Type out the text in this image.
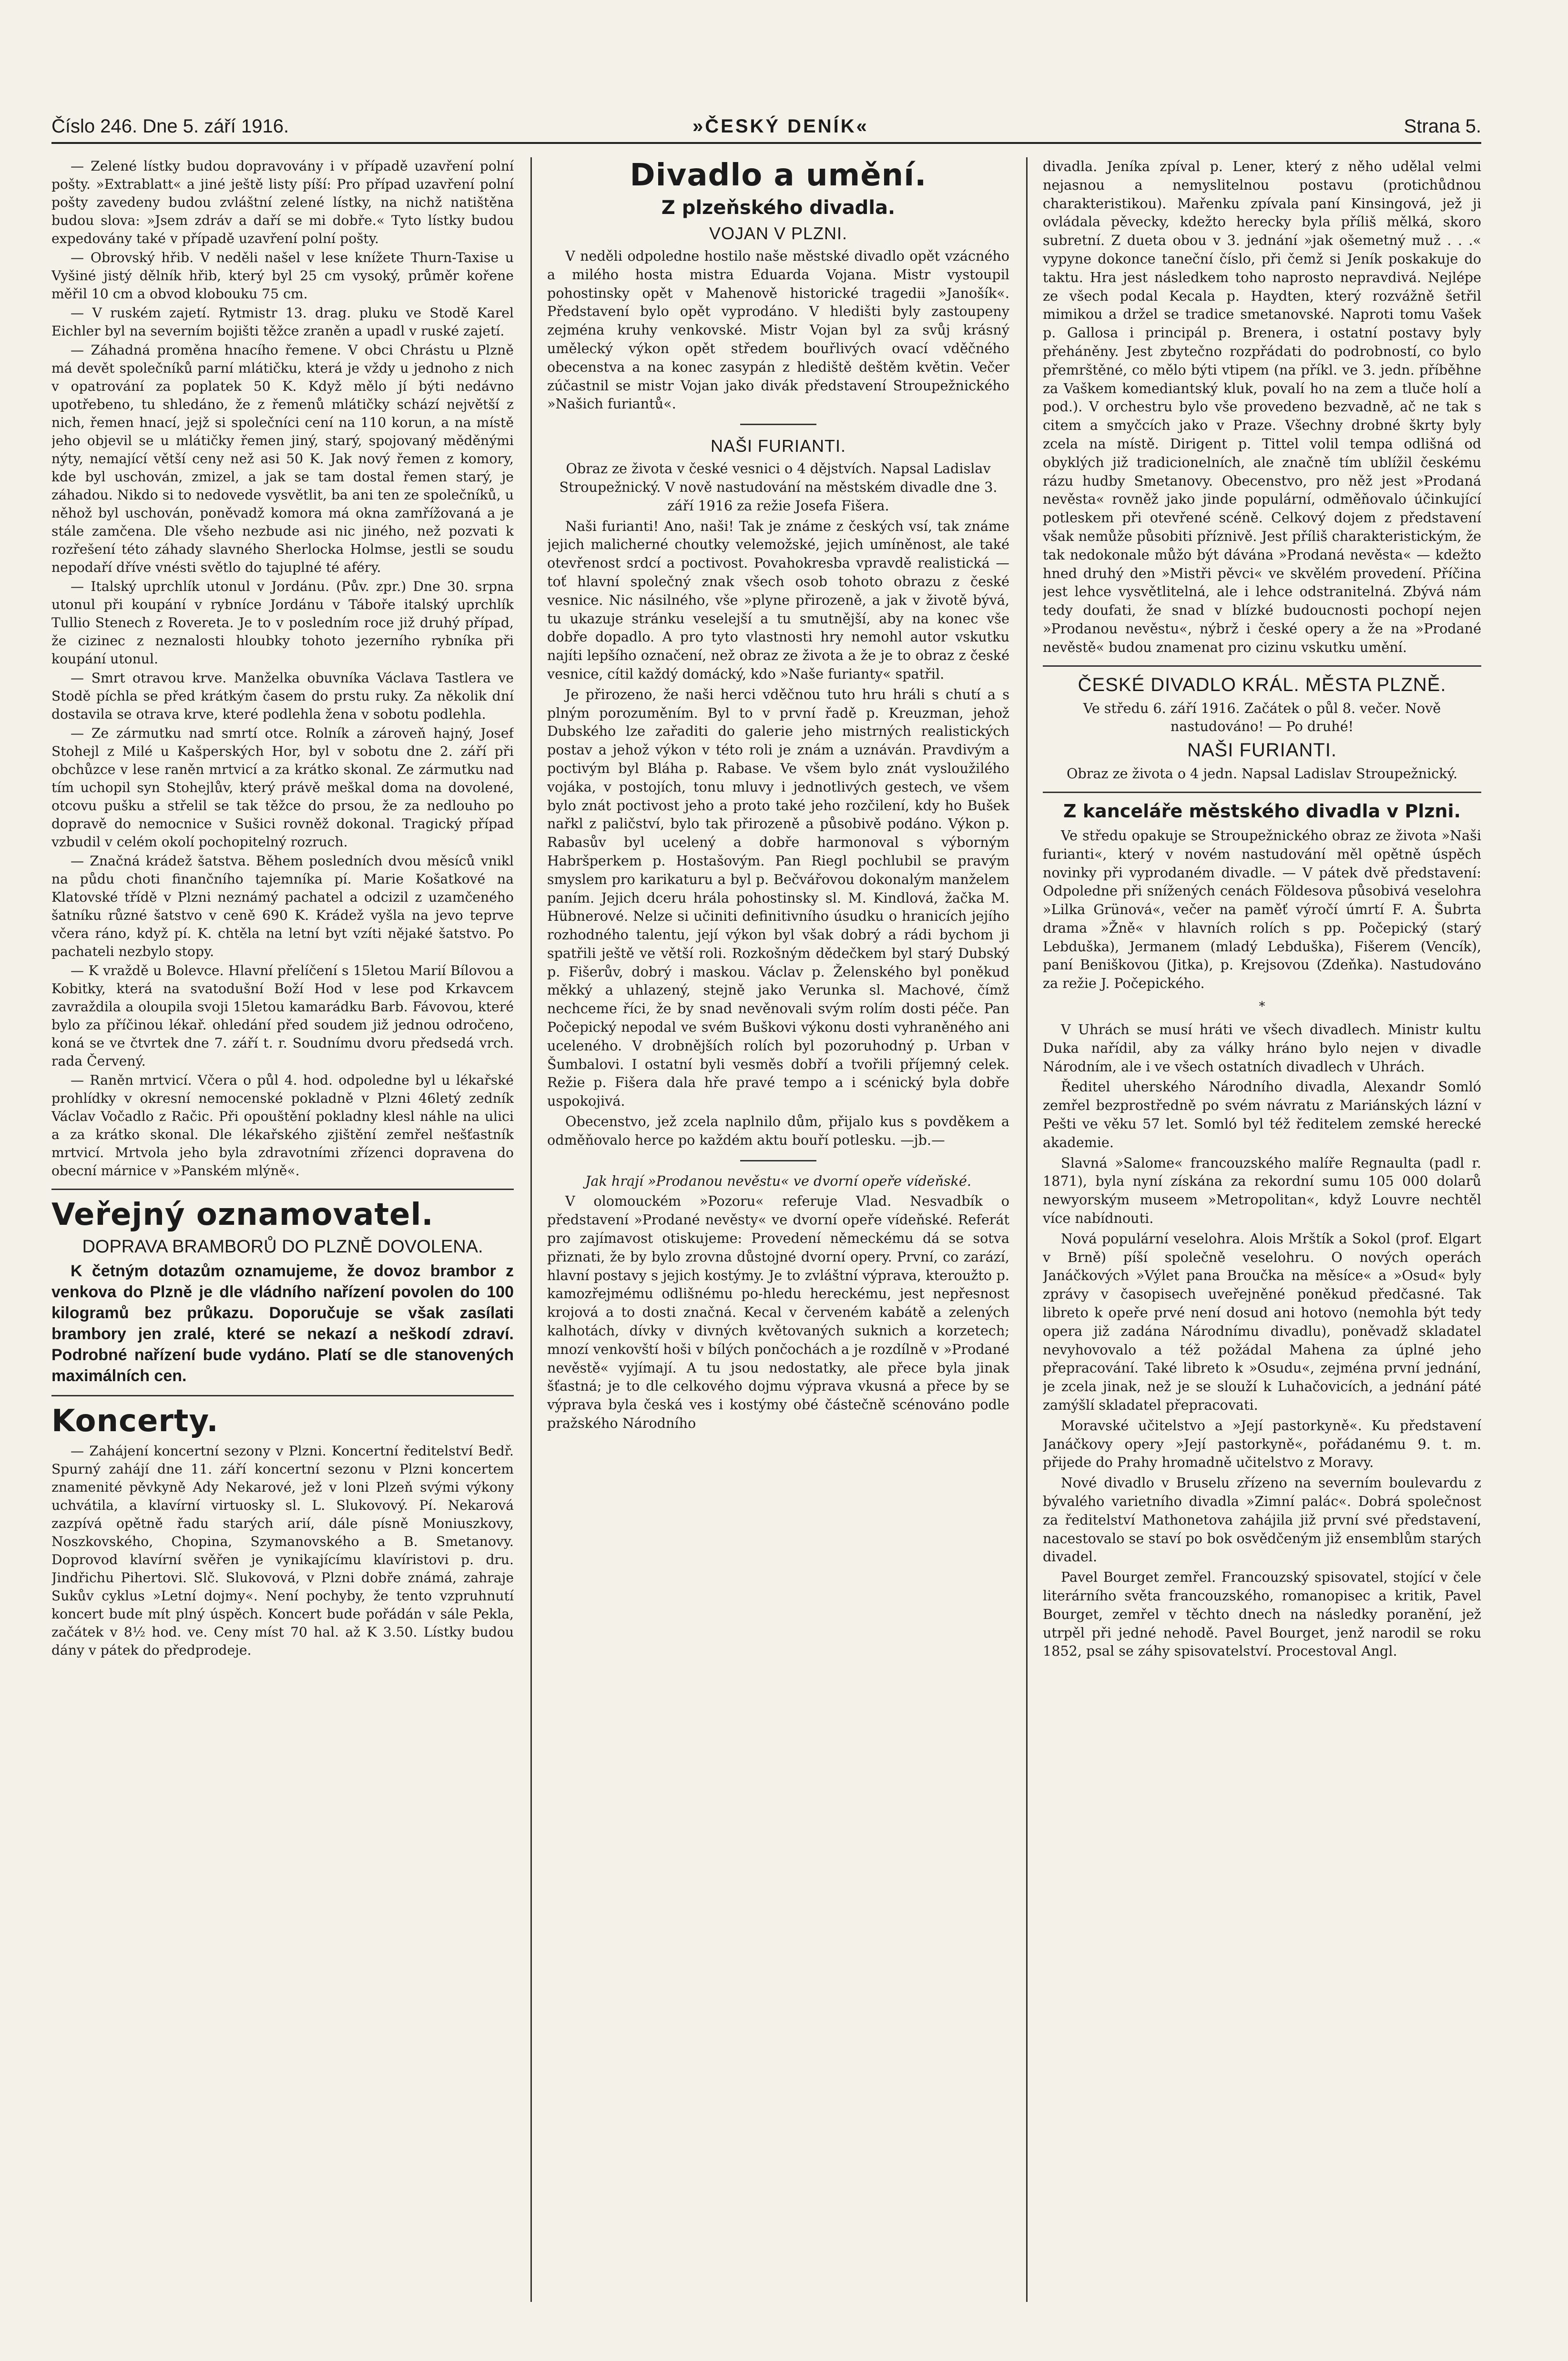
Číslo 246. Dne 5. září 1916.	»ČESKÝ DENÍK«	Strana 5.

— Zelené lístky budou dopravovány i v případě uzavření polní pošty. »Extrablatt« a jiné ještě listy píší: Pro případ uzavření polní pošty zavedeny budou zvláštní zelené lístky, na nichž natištěna budou slova: »Jsem zdráv a daří se mi dobře.« Tyto lístky budou expedovány také v případě uzavření polní pošty.

— Obrovský hřib. V neděli našel v lese knížete Thurn-Taxise u Vyšiné jistý dělník hřib, který byl 25 cm vysoký, průměr kořene měřil 10 cm a obvod klobouku 75 cm.

— V ruském zajetí. Rytmistr 13. drag. pluku ve Stodě Karel Eichler byl na severním bojišti těžce zraněn a upadl v ruské zajetí.

— Záhadná proměna hnacího řemene. V obci Chrástu u Plzně má devět společníků parní mlátičku, která je vždy u jednoho z nich v opatrování za poplatek 50 K. Když mělo jí býti nedávno upotřebeno, tu shledáno, že z řemenů mlátičky schází největší z nich, řemen hnací, jejž si společníci cení na 110 korun, a na místě jeho objevil se u mlátičky řemen jiný, starý, spojovaný měděnými nýty, nemající větší ceny než asi 50 K. Jak nový řemen z komory, kde byl uschován, zmizel, a jak se tam dostal řemen starý, je záhadou. Nikdo si to nedovede vysvětlit, ba ani ten ze společníků, u něhož byl uschován, poněvadž komora má okna zamřížovaná a je stále zamčena. Dle všeho nezbude asi nic jiného, než pozvati k rozřešení této záhady slavného Sherlocka Holmse, jestli se soudu nepodaří dříve vnésti světlo do tajuplné té aféry.

— Italský uprchlík utonul v Jordánu. (Pův. zpr.) Dne 30. srpna utonul při koupání v rybníce Jordánu v Táboře italský uprchlík Tullio Stenech z Rovereta. Je to v posledním roce již druhý případ, že cizinec z neznalosti hloubky tohoto jezerního rybníka při koupání utonul.

— Smrt otravou krve. Manželka obuvníka Václava Tastlera ve Stodě píchla se před krátkým časem do prstu ruky. Za několik dní dostavila se otrava krve, které podlehla žena v sobotu podlehla.

— Ze zármutku nad smrtí otce. Rolník a zároveň hajný, Josef Stohejl z Milé u Kašperských Hor, byl v sobotu dne 2. září při obchůzce v lese raněn mrtvicí a za krátko skonal. Ze zármutku nad tím uchopil syn Stohejlův, který právě meškal doma na dovolené, otcovu pušku a střelil se tak těžce do prsou, že za nedlouho po dopravě do nemocnice v Sušici rovněž dokonal. Tragický případ vzbudil v celém okolí pochopitelný rozruch.

— Značná krádež šatstva. Během posledních dvou měsíců vnikl na půdu choti finančního tajemníka pí. Marie Košatkové na Klatovské třídě v Plzni neznámý pachatel a odcizil z uzamčeného šatníku různé šatstvo v ceně 690 K. Krádež vyšla na jevo teprve včera ráno, když pí. K. chtěla na letní byt vzíti nějaké šatstvo. Po pachateli nezbylo stopy.

— K vraždě u Bolevce. Hlavní přelíčení s 15letou Marií Bílovou a Kobitky, která na svatodušní Boží Hod v lese pod Krkavcem zavraždila a oloupila svoji 15letou kamarádku Barb. Fávovou, které bylo za příčinou lékař. ohledání před soudem již jednou odročeno, koná se ve čtvrtek dne 7. září t. r. Soudnímu dvoru předsedá vrch. rada Červený.

— Raněn mrtvicí. Včera o půl 4. hod. odpoledne byl u lékařské prohlídky v okresní nemocenské pokladně v Plzni 46letý zedník Václav Vočadlo z Račic. Při opouštění pokladny klesl náhle na ulici a za krátko skonal. Dle lékařského zjištění zemřel nešťastník mrtvicí. Mrtvola jeho byla zdravotními zřízenci dopravena do obecní márnice v »Panském mlýně«.

Veřejný oznamovatel.

DOPRAVA BRAMBORŮ DO PLZNĚ DOVOLENA.

K četným dotazům oznamujeme, že dovoz brambor z venkova do Plzně je dle vládního nařízení povolen do 100 kilogramů bez průkazu. Doporučuje se však zasílati brambory jen zralé, které se nekazí a neškodí zdraví. Podrobné nařízení bude vydáno. Platí se dle stanovených maximálních cen.

Koncerty.

— Zahájení koncertní sezony v Plzni. Koncertní ředitelství Bedř. Spurný zahájí dne 11. září koncertní sezonu v Plzni koncertem znamenité pěvkyně Ady Nekarové, jež v loni Plzeň svými výkony uchvátila, a klavírní virtuosky sl. L. Slukovový. Pí. Nekarová zazpívá opětně řadu starých arií, dále písně Moniuszkovy, Noszkovského, Chopina, Szymanovského a B. Smetanovy. Doprovod klavírní svěřen je vynikajícímu klavíristovi p. dru. Jindřichu Pihertovi. Slč. Slukovová, v Plzni dobře známá, zahraje Sukův cyklus »Letní dojmy«. Není pochyby, že tento vzpruhnutí koncert bude mít plný úspěch. Koncert bude pořádán v sále Pekla, začátek v 8½ hod. ve. Ceny míst 70 hal. až K 3.50. Lístky budou dány v pátek do předprodeje.

Divadlo a umění.
Z plzeňského divadla.
VOJAN V PLZNI.

V neděli odpoledne hostilo naše městské divadlo opět vzácného a milého hosta mistra Eduarda Vojana. Mistr vystoupil pohostinsky opět v Mahenově historické tragedii »Janošík«. Představení bylo opět vyprodáno. V hledišti byly zastoupeny zejména kruhy venkovské. Mistr Vojan byl za svůj krásný umělecký výkon opět středem bouřlivých ovací vděčného obecenstva a na konec zasypán z hlediště deštěm květin. Večer zúčastnil se mistr Vojan jako divák představení Stroupežnického »Našich furiantů«.

NAŠI FURIANTI.

Obraz ze života v české vesnici o 4 dějstvích. Napsal Ladislav Stroupežnický. V nově nastudování na městském divadle dne 3. září 1916 za režie Josefa Fišera.

Naši furianti! Ano, naši! Tak je známe z českých vsí, tak známe jejich malicherné choutky velemožské, jejich umíněnost, ale také otevřenost srdcí a poctivost. Povahokresba vpravdě realistická — toť hlavní společný znak všech osob tohoto obrazu z české vesnice. Nic násilného, vše »plyne přirozeně, a jak v životě bývá, tu ukazuje stránku veselejší a tu smutnější, aby na konec vše dobře dopadlo. A pro tyto vlastnosti hry nemohl autor vskutku najíti lepšího označení, než obraz ze života a že je to obraz z české vesnice, cítil každý domácký, kdo »Naše furianty« spatřil.

Je přirozeno, že naši herci vděčnou tuto hru hráli s chutí a s plným porozuměním. Byl to v první řadě p. Kreuzman, jehož Dubského lze zařaditi do galerie jeho mistrných realistických postav a jehož výkon v této roli je znám a uznáván. Pravdivým a poctivým byl Bláha p. Rabase. Ve všem bylo znát vysloužilého vojáka, v postojích, tonu mluvy i jednotlivých gestech, ve všem bylo znát poctivost jeho a proto také jeho rozčilení, kdy ho Bušek nařkl z paličství, bylo tak přirozeně a působivě podáno. Výkon p. Rabasův byl ucelený a dobře harmonoval s výborným Habršperkem p. Hostašovým. Pan Riegl pochlubil se pravým smyslem pro karikaturu a byl p. Bečvářovou dokonalým manželem paním. Jejich dceru hrála pohostinsky sl. M. Kindlová, žačka M. Hübnerové. Nelze si učiniti definitivního úsudku o hranicích jejího rozhodného talentu, její výkon byl však dobrý a rádi bychom ji spatřili ještě ve větší roli. Rozkošným dědečkem byl starý Dubský p. Fišerův, dobrý i maskou. Václav p. Želenského byl poněkud měkký a uhlazený, stejně jako Verunka sl. Machové, čímž nechceme říci, že by snad nevěnovali svým rolím dosti péče. Pan Počepický nepodal ve svém Buškovi výkonu dosti vyhraněného ani uceleného. V drobnějších rolích byl pozoruhodný p. Urban v Šumbalovi. I ostatní byli vesměs dobří a tvořili příjemný celek. Režie p. Fišera dala hře pravé tempo a i scénický byla dobře uspokojivá.

Obecenstvo, jež zcela naplnilo dům, přijalo kus s povděkem a odměňovalo herce po každém aktu bouří potlesku. —jb.—

Jak hrají »Prodanou nevěstu« ve dvorní opeře vídeňské.

V olomouckém »Pozoru« referuje Vlad. Nesvadbík o představení »Prodané nevěsty« ve dvorní opeře vídeňské. Referát pro zajímavost otiskujeme: Provedení německému dá se sotva přiznati, že by bylo zrovna důstojné dvorní opery. První, co zarází, hlavní postavy s jejich kostýmy. Je to zvláštní výprava, kteroužto p. kamozřejmému odlišnému po-hledu hereckému, jest nepřesnost krojová a to dosti značná. Kecal v červeném kabátě a zelených kalhotách, dívky v divných květovaných suknich a korzetech; mnozí venkovští hoši v bílých pončochách a je rozdílně v »Prodané nevěstě« vyjímají. A tu jsou nedostatky, ale přece byla jinak šťastná; je to dle celkového dojmu výprava vkusná a přece by se výprava byla česká ves i kostýmy obé částečně scénováno podle pražského Národního

divadla. Jeníka zpíval p. Lener, který z něho udělal velmi nejasnou a nemyslitelnou postavu (protichůdnou charakteristikou). Mařenku zpívala paní Kinsingová, jež ji ovládala pěvecky, kdežto herecky byla příliš mělká, skoro subretní. Z dueta obou v 3. jednání »jak ošemetný muž . . .« vypyne dokonce taneční číslo, při čemž si Jeník poskakuje do taktu. Hra jest následkem toho naprosto nepravdivá. Nejlépe ze všech podal Kecala p. Haydten, který rozvážně šetřil mimikou a držel se tradice smetanovské. Naproti tomu Vašek p. Gallosa i principál p. Brenera, i ostatní postavy byly přeháněny. Jest zbytečno rozpřádati do podrobností, co bylo přemrštěné, co mělo býti vtipem (na příkl. ve 3. jedn. příběhne za Vaškem komediantský kluk, povalí ho na zem a tluče holí a pod.). V orchestru bylo vše provedeno bezvadně, ač ne tak s citem a smyčcích jako v Praze. Všechny drobné škrty byly zcela na místě. Dirigent p. Tittel volil tempa odlišná od obyklých již tradicionelních, ale značně tím ublížil českému rázu hudby Smetanovy. Obecenstvo, pro něž jest »Prodaná nevěsta« rovněž jako jinde populární, odměňovalo účinkující potleskem při otevřené scéně. Celkový dojem z představení však nemůže působiti příznivě. Jest příliš charakteristickým, že tak nedokonale můžo být dávána »Prodaná nevěsta« — kdežto hned druhý den »Mistři pěvci« ve skvělém provedení. Příčina jest lehce vysvětlitelná, ale i lehce odstranitelná. Zbývá nám tedy doufati, že snad v blízké budoucnosti pochopí nejen »Prodanou nevěstu«, nýbrž i české opery a že na »Prodané nevěstě« budou znamenat pro cizinu vskutku umění.

ČESKÉ DIVADLO KRÁL. MĚSTA PLZNĚ.

Ve středu 6. září 1916. Začátek o půl 8. večer. Nově nastudováno! — Po druhé!

NAŠI FURIANTI.

Obraz ze života o 4 jedn. Napsal Ladislav Stroupežnický.

Z kanceláře městského divadla v Plzni.

Ve středu opakuje se Stroupežnického obraz ze života »Naši furianti«, který v novém nastudování měl opětně úspěch novinky při vyprodaném divadle. — V pátek dvě představení: Odpoledne při snížených cenách Földesova působivá veselohra »Lilka Grünová«, večer na paměť výročí úmrtí F. A. Šubrta drama »Žně« v hlavních rolích s pp. Počepický (starý Lebduška), Jermanem (mladý Lebduška), Fišerem (Vencík), paní Beniškovou (Jitka), p. Krejsovou (Zdeňka). Nastudováno za režie J. Počepického.

*

V Uhrách se musí hráti ve všech divadlech. Ministr kultu Duka nařídil, aby za války hráno bylo nejen v divadle Národním, ale i ve všech ostatních divadlech v Uhrách.

Ředitel uherského Národního divadla, Alexandr Somló zemřel bezprostředně po svém návratu z Mariánských lázní v Pešti ve věku 57 let. Somló byl též ředitelem zemské herecké akademie.

Slavná »Salome« francouzského malíře Regnaulta (padl r. 1871), byla nyní získána za rekordní sumu 105 000 dolarů newyorským museem »Metropolitan«, když Louvre nechtěl více nabídnouti.

Nová populární veselohra. Alois Mrštík a Sokol (prof. Elgart v Brně) píší společně veselohru. O nových operách Janáčkových »Výlet pana Broučka na měsíce« a »Osud« byly zprávy v časopisech uveřejněné poněkud předčasné. Tak libreto k opeře prvé není dosud ani hotovo (nemohla být tedy opera již zadána Národnímu divadlu), poněvadž skladatel nevyhovovalo a též požádal Mahena za úplné jeho přepracování. Také libreto k »Osudu«, zejména první jednání, je zcela jinak, než je se slouží k Luhačovicích, a jednání páté zamýšlí skladatel přepracovati.

Moravské učitelstvo a »Její pastorkyně«. Ku představení Janáčkovy opery »Její pastorkyně«, pořádanému 9. t. m. přijede do Prahy hromadně učitelstvo z Moravy.

Nové divadlo v Bruselu zřízeno na severním boulevardu z bývalého varietního divadla »Zimní palác«. Dobrá společnost za ředitelství Mathonetova zahájila již první své představení, nacestovalo se staví po bok osvědčeným již ensemblům starých divadel.

Pavel Bourget zemřel. Francouzský spisovatel, stojící v čele literárního světa francouzského, romanopisec a kritik, Pavel Bourget, zemřel v těchto dnech na následky poranění, jež utrpěl při jedné nehodě. Pavel Bourget, jenž narodil se roku 1852, psal se záhy spisovatelství. Procestoval Angl.
